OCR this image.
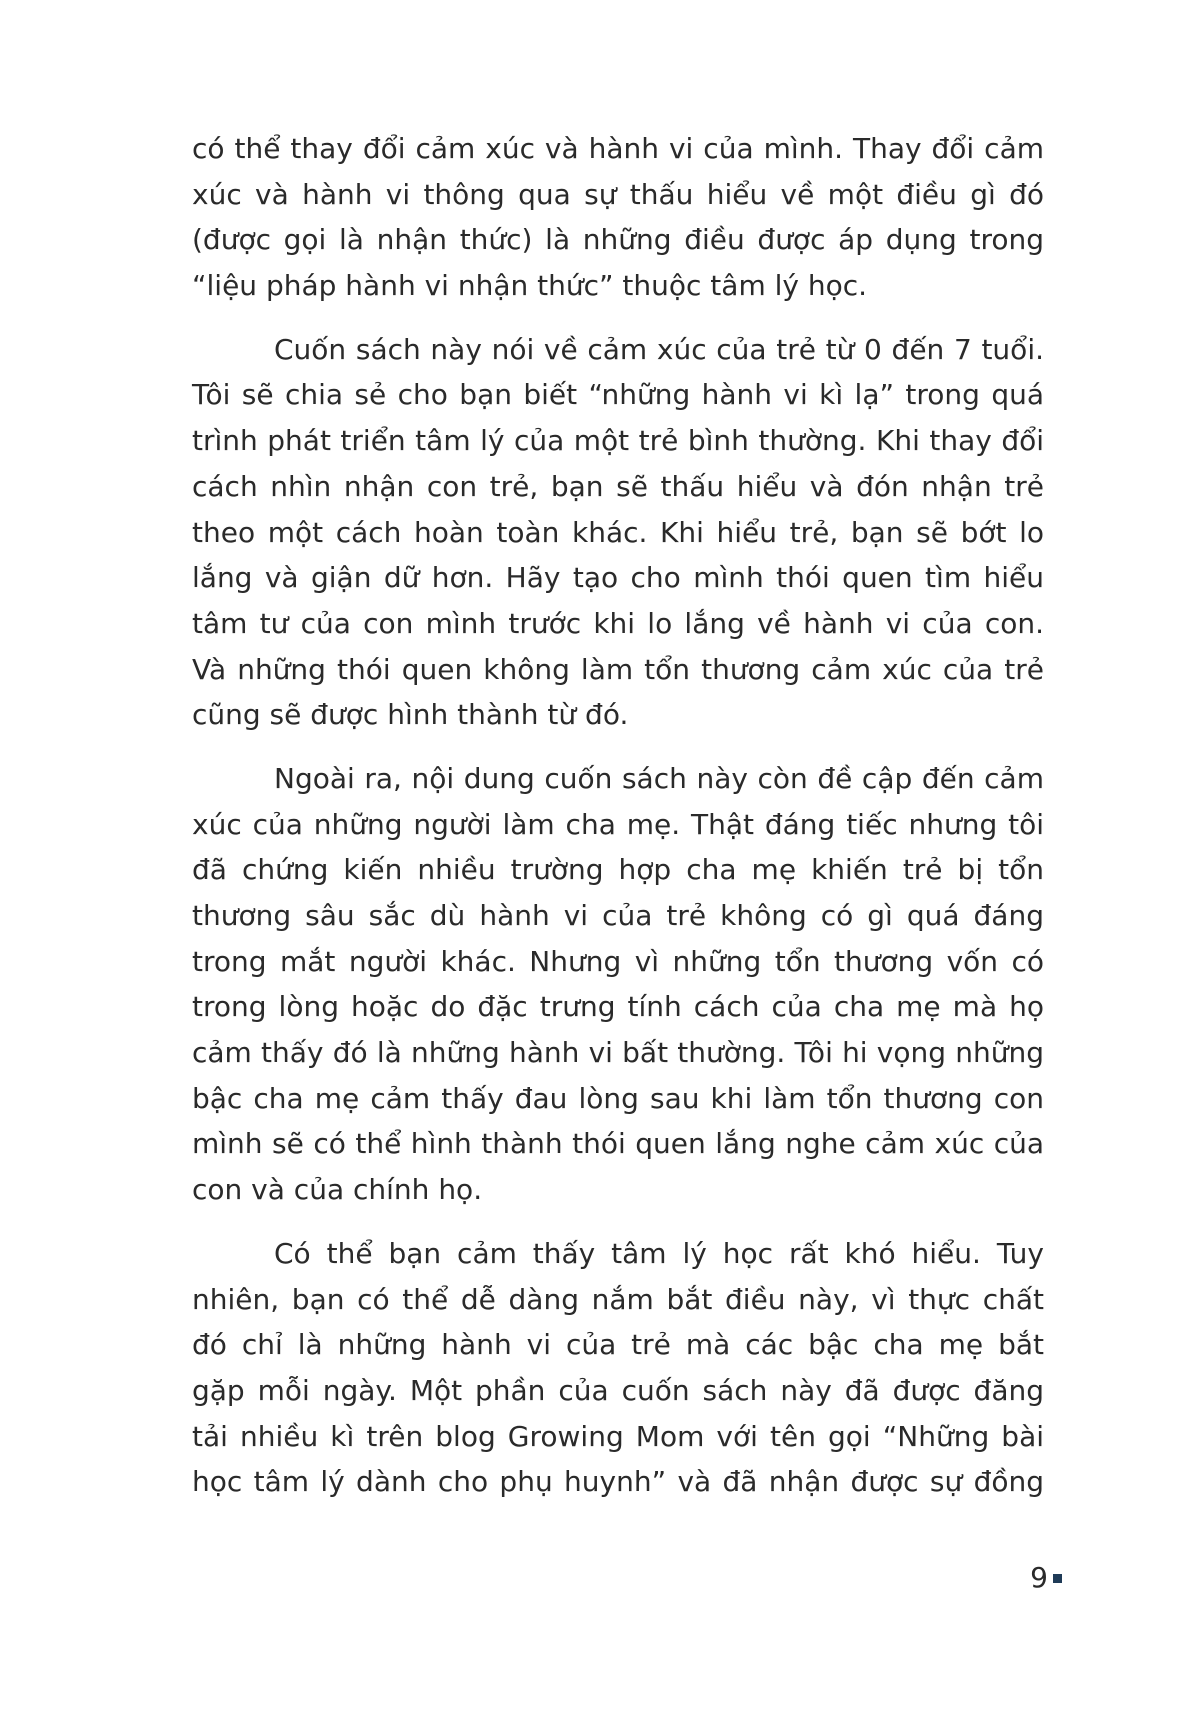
có thể thay đổi cảm xúc và hành vi của mình. Thay đổi cảm
xúc và hành vi thông qua sự thấu hiểu về một điều gì đó
(được gọi là nhận thức) là những điều được áp dụng trong
“liệu pháp hành vi nhận thức” thuộc tâm lý học.
Cuốn sách này nói về cảm xúc của trẻ từ 0 đến 7 tuổi.
Tôi sẽ chia sẻ cho bạn biết “những hành vi kì lạ” trong quá
trình phát triển tâm lý của một trẻ bình thường. Khi thay đổi
cách nhìn nhận con trẻ, bạn sẽ thấu hiểu và đón nhận trẻ
theo một cách hoàn toàn khác. Khi hiểu trẻ, bạn sẽ bớt lo
lắng và giận dữ hơn. Hãy tạo cho mình thói quen tìm hiểu
tâm tư của con mình trước khi lo lắng về hành vi của con.
Và những thói quen không làm tổn thương cảm xúc của trẻ
cũng sẽ được hình thành từ đó.
Ngoài ra, nội dung cuốn sách này còn đề cập đến cảm
xúc của những người làm cha mẹ. Thật đáng tiếc nhưng tôi
đã chứng kiến nhiều trường hợp cha mẹ khiến trẻ bị tổn
thương sâu sắc dù hành vi của trẻ không có gì quá đáng
trong mắt người khác. Nhưng vì những tổn thương vốn có
trong lòng hoặc do đặc trưng tính cách của cha mẹ mà họ
cảm thấy đó là những hành vi bất thường. Tôi hi vọng những
bậc cha mẹ cảm thấy đau lòng sau khi làm tổn thương con
mình sẽ có thể hình thành thói quen lắng nghe cảm xúc của
con và của chính họ.
Có thể bạn cảm thấy tâm lý học rất khó hiểu. Tuy
nhiên, bạn có thể dễ dàng nắm bắt điều này, vì thực chất
đó chỉ là những hành vi của trẻ mà các bậc cha mẹ bắt
gặp mỗi ngày. Một phần của cuốn sách này đã được đăng
tải nhiều kì trên blog Growing Mom với tên gọi “Những bài
học tâm lý dành cho phụ huynh” và đã nhận được sự đồng
9
